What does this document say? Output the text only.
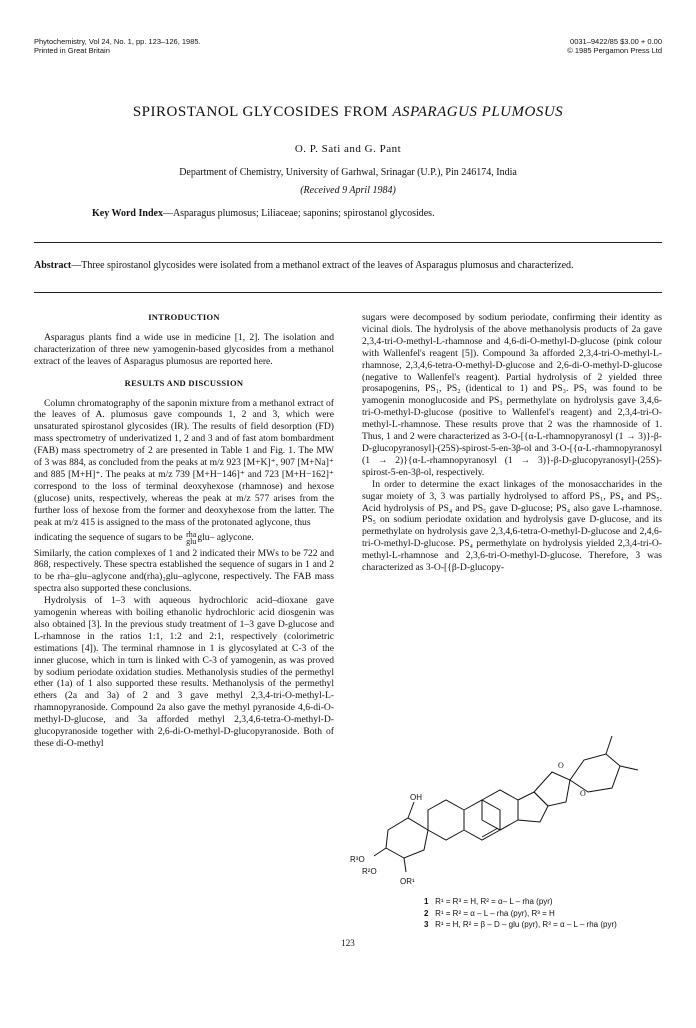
Phytochemistry, Vol 24, No. 1, pp. 123–126, 1985.
Printed in Great Britain
0031–9422/85 $3.00 + 0.00
© 1985 Pergamon Press Ltd
SPIROSTANOL GLYCOSIDES FROM ASPARAGUS PLUMOSUS
O. P. Sati and G. Pant
Department of Chemistry, University of Garhwal, Srinagar (U.P.), Pin 246174, India
(Received 9 April 1984)
Key Word Index—Asparagus plumosus; Liliaceae; saponins; spirostanol glycosides.
Abstract—Three spirostanol glycosides were isolated from a methanol extract of the leaves of Asparagus plumosus and characterized.
INTRODUCTION

Asparagus plants find a wide use in medicine [1, 2]. The isolation and characterization of three new yamogenin-based glycosides from a methanol extract of the leaves of Asparagus plumosus are reported here.

RESULTS AND DISCUSSION

Column chromatography of the saponin mixture from a methanol extract of the leaves of A. plumosus gave compounds 1, 2 and 3, which were unsaturated spirostanol glycosides (IR). The results of field desorption (FD) mass spectrometry of underivatized 1, 2 and 3 and of fast atom bombardment (FAB) mass spectrometry of 2 are presented in Table 1 and Fig. 1. The MW of 3 was 884, as concluded from the peaks at m/z 923 [M+K]⁺, 907 [M+Na]⁺ and 885 [M+H]⁺. The peaks at m/z 739 [M+H−146]⁺ and 723 [M+H−162]⁺ correspond to the loss of terminal deoxyhexose (rhamnose) and hexose (glucose) units, respectively, whereas the peak at m/z 577 arises from the further loss of hexose from the former and deoxyhexose from the latter. The peak at m/z 415 is assigned to the mass of the protonated aglycone, thus

indicating the sequence of sugars to be rha
glu glu– aglycone.

Similarly, the cation complexes of 1 and 2 indicated their MWs to be 722 and 868, respectively. These spectra established the sequence of sugars in 1 and 2 to be rha–glu–aglycone and(rha)₂glu–aglycone, respectively. The FAB mass spectra also supported these conclusions.

Hydrolysis of 1–3 with aqueous hydrochloric acid–dioxane gave yamogenin whereas with boiling ethanolic hydrochloric acid diosgenin was also obtained [3]. In the previous study treatment of 1–3 gave D-glucose and L-rhamnose in the ratios 1:1, 1:2 and 2:1, respectively (colorimetric estimations [4]). The terminal rhamnose in 1 is glycosylated at C-3 of the inner glucose, which in turn is linked with C-3 of yamogenin, as was proved by sodium periodate oxidation studies. Methanolysis studies of the permethyl ether (1a) of 1 also supported these results. Methanolysis of the permethyl ethers (2a and 3a) of 2 and 3 gave methyl 2,3,4-tri-O-methyl-L-rhamnopyranoside. Compound 2a also gave the methyl pyranoside 4,6-di-O-methyl-D-glucose, and 3a afforded methyl 2,3,4,6-tetra-O-methyl-D-glucopyranoside together with 2,6-di-O-methyl-D-glucopyranoside. Both of these di-O-methyl

sugars were decomposed by sodium periodate, confirming their identity as vicinal diols. The hydrolysis of the above methanolysis products of 2a gave 2,3,4-tri-O-methyl-L-rhamnose and 4,6-di-O-methyl-D-glucose (pink colour with Wallenfel's reagent [5]). Compound 3a afforded 2,3,4-tri-O-methyl-L-rhamnose, 2,3,4,6-tetra-O-methyl-D-glucose and 2,6-di-O-methyl-D-glucose (negative to Wallenfel's reagent). Partial hydrolysis of 2 yielded three prosapogenins, PS₁, PS₂ (identical to 1) and PS₃. PS₁ was found to be yamogenin monoglucoside and PS₃ permethylate on hydrolysis gave 3,4,6-tri-O-methyl-D-glucose (positive to Wallenfel's reagent) and 2,3,4-tri-O-methyl-L-rhamnose. These results prove that 2 was the rhamnoside of 1. Thus, 1 and 2 were characterized as 3-O-[{α-L-rhamnopyranosyl (1 → 3)}-β-D-glucopyranosyl]-(25S)-spirost-5-en-3β-ol and 3-O-[{α-L-rhamnopyranosyl (1 → 2)}{α-L-rhamnopyranosyl (1 → 3)}-β-D-glucopyranosyl]-(25S)-spirost-5-en-3β-ol, respectively.

In order to determine the exact linkages of the monosaccharides in the sugar moiety of 3, 3 was partially hydrolysed to afford PS₁, PS₄ and PS₅. Acid hydrolysis of PS₄ and PS₅ gave D-glucose; PS₄ also gave L-rhamnose. PS₅ on sodium periodate oxidation and hydrolysis gave D-glucose, and its permethylate on hydrolysis gave 2,3,4,6-tetra-O-methyl-D-glucose and 2,4,6-tri-O-methyl-D-glucose. PS₄ permethylate on hydrolysis yielded 2,3,4-tri-O-methyl-L-rhamnose and 2,3,6-tri-O-methyl-D-glucose. Therefore, 3 was characterized as 3-O-[{β-D-glucopy-

O
O
OH
R³O
R²O
OR¹
1 R¹ = R³ = H, R² = α– L – rha (pyr)
2 R¹ = R² = α – L – rha (pyr), R³ = H
3 R¹ = H, R² = β – D – glu (pyr), R³ = α – L – rha (pyr)
123
